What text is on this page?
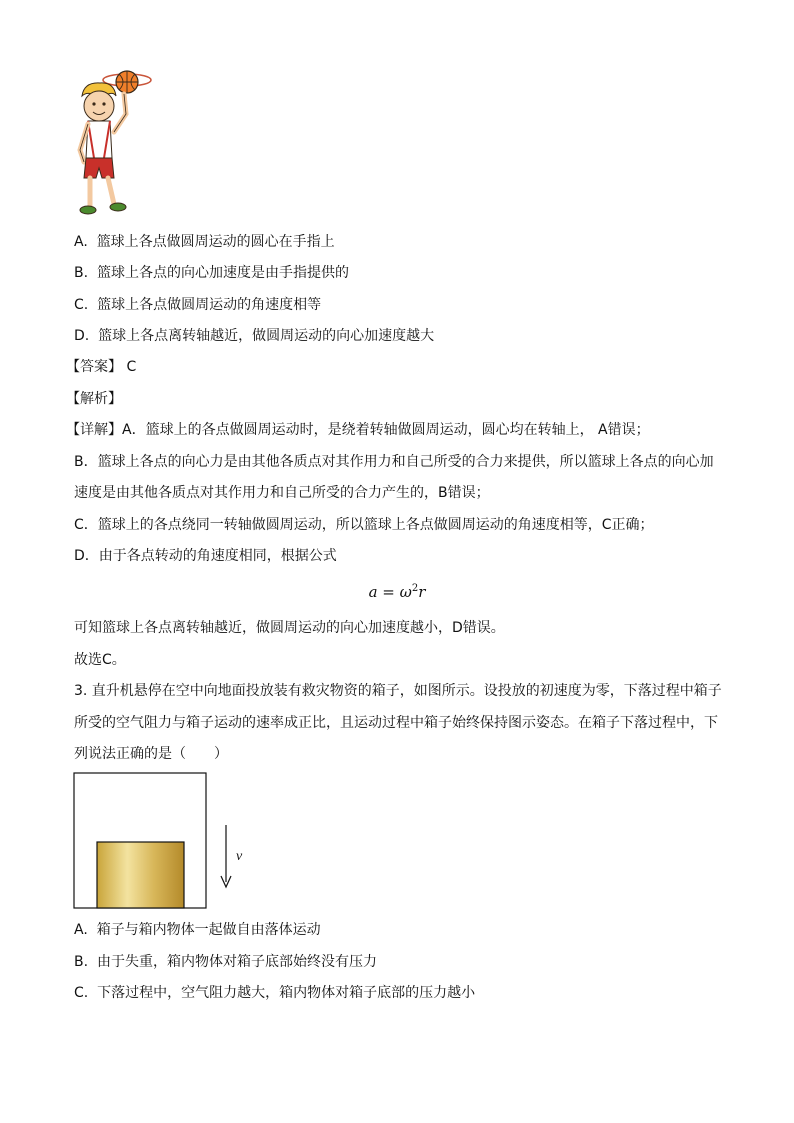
A. 篮球上各点做圆周运动的圆心在手指上
B. 篮球上各点的向心加速度是由手指提供的
C. 篮球上各点做圆周运动的角速度相等
D. 篮球上各点离转轴越近，做圆周运动的向心加速度越大
【答案】 C
【解析】
【详解】A．篮球上的各点做圆周运动时，是绕着转轴做圆周运动，圆心均在转轴上， A错误；
B．篮球上各点的向心力是由其他各质点对其作用力和自己所受的合力来提供，所以篮球上各点的向心加
速度是由其他各质点对其作用力和自己所受的合力产生的，B错误；
C．篮球上的各点绕同一转轴做圆周运动，所以篮球上各点做圆周运动的角速度相等，C正确；
D．由于各点转动的角速度相同，根据公式
$a = \omega^2r$
可知篮球上各点离转轴越近，做圆周运动的向心加速度越小，D错误。
故选C。
3. 直升机悬停在空中向地面投放装有救灾物资的箱子，如图所示。设投放的初速度为零，下落过程中箱子
所受的空气阻力与箱子运动的速率成正比，且运动过程中箱子始终保持图示姿态。在箱子下落过程中，下
列说法正确的是（　　）
v
A. 箱子与箱内物体一起做自由落体运动
B. 由于失重，箱内物体对箱子底部始终没有压力
C. 下落过程中，空气阻力越大，箱内物体对箱子底部的压力越小
